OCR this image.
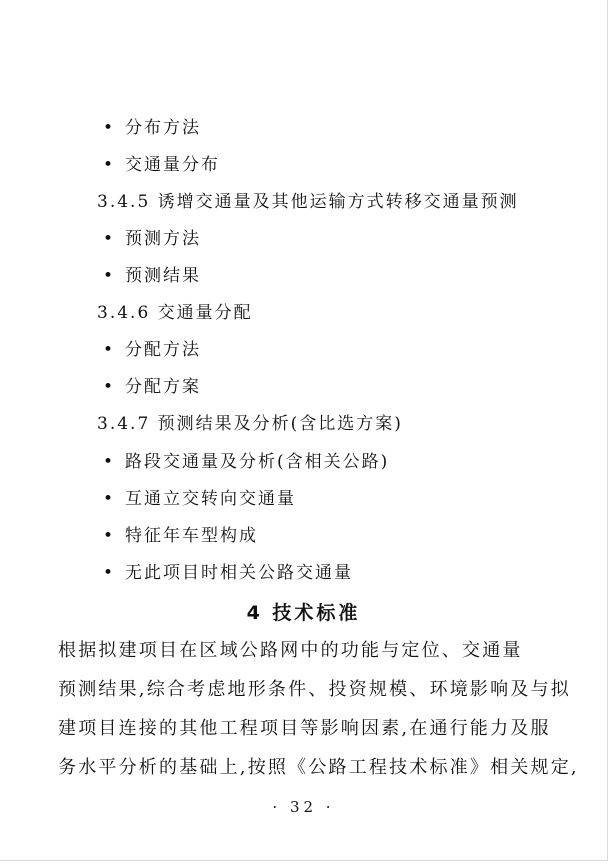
• 分布方法
• 交通量分布
3.4.5 诱增交通量及其他运输方式转移交通量预测
• 预测方法
• 预测结果
3.4.6 交通量分配
• 分配方法
• 分配方案
3.4.7 预测结果及分析(含比选方案)
• 路段交通量及分析(含相关公路)
• 互通立交转向交通量
• 特征年车型构成
• 无此项目时相关公路交通量
4 技术标准
根据拟建项目在区域公路网中的功能与定位、交通量
预测结果,综合考虑地形条件、投资规模、环境影响及与拟
建项目连接的其他工程项目等影响因素,在通行能力及服
务水平分析的基础上,按照《公路工程技术标准》相关规定,
· 32 ·
